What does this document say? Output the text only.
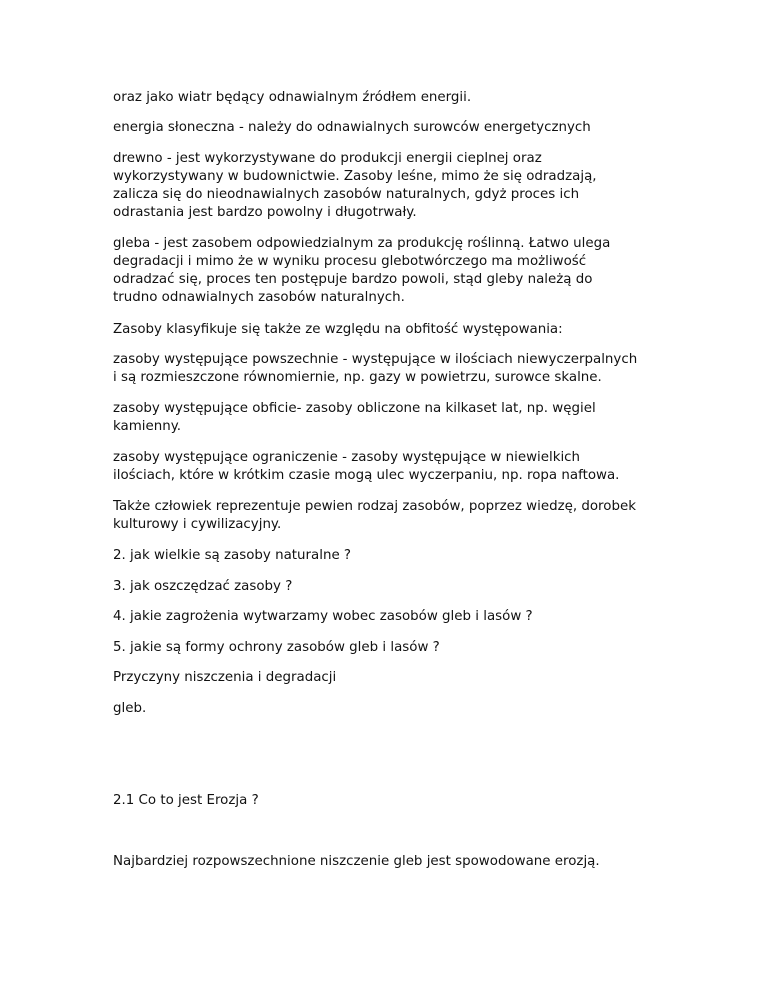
oraz jako wiatr będący odnawialnym źródłem energii.

energia słoneczna - należy do odnawialnych surowców energetycznych

drewno - jest wykorzystywane do produkcji energii cieplnej oraz
wykorzystywany w budownictwie. Zasoby leśne, mimo że się odradzają,
zalicza się do nieodnawialnych zasobów naturalnych, gdyż proces ich
odrastania jest bardzo powolny i długotrwały.

gleba - jest zasobem odpowiedzialnym za produkcję roślinną. Łatwo ulega
degradacji i mimo że w wyniku procesu glebotwórczego ma możliwość
odradzać się, proces ten postępuje bardzo powoli, stąd gleby należą do
trudno odnawialnych zasobów naturalnych.

Zasoby klasyfikuje się także ze względu na obfitość występowania:

zasoby występujące powszechnie - występujące w ilościach niewyczerpalnych
i są rozmieszczone równomiernie, np. gazy w powietrzu, surowce skalne.

zasoby występujące obficie- zasoby obliczone na kilkaset lat, np. węgiel
kamienny.

zasoby występujące ograniczenie - zasoby występujące w niewielkich
ilościach, które w krótkim czasie mogą ulec wyczerpaniu, np. ropa naftowa.

Także człowiek reprezentuje pewien rodzaj zasobów, poprzez wiedzę, dorobek
kulturowy i cywilizacyjny.

2. jak wielkie są zasoby naturalne ?

3. jak oszczędzać zasoby ?

4. jakie zagrożenia wytwarzamy wobec zasobów gleb i lasów ?

5. jakie są formy ochrony zasobów gleb i lasów ?

Przyczyny niszczenia i degradacji

gleb.

2.1 Co to jest Erozja ?

Najbardziej rozpowszechnione niszczenie gleb jest spowodowane erozją.
